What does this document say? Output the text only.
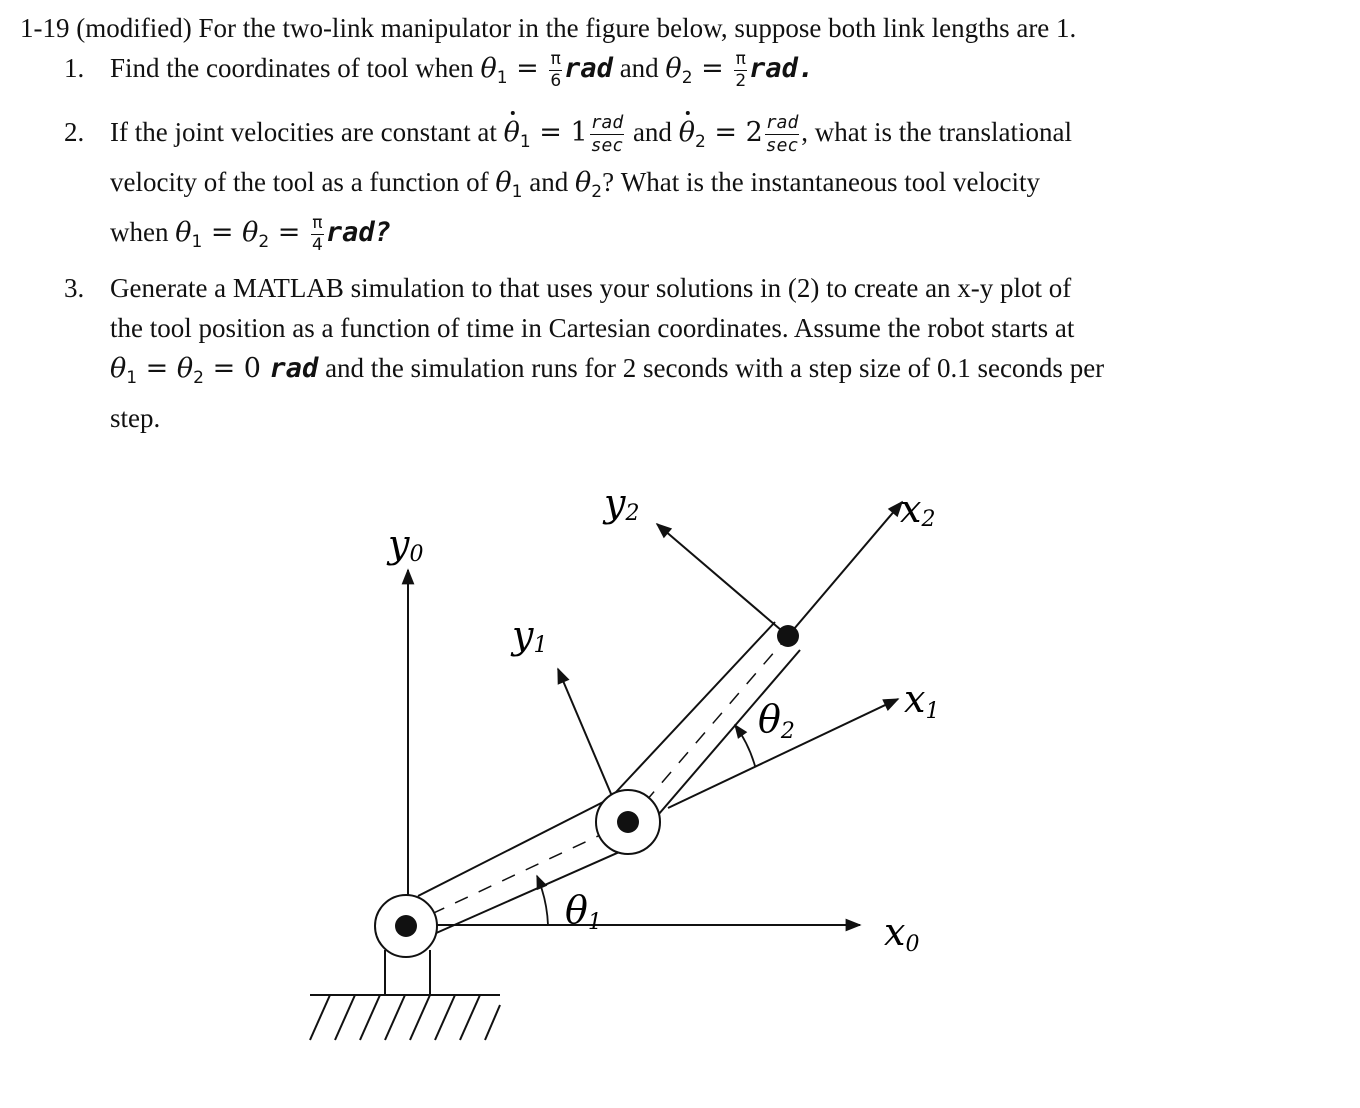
1-19 (modified) For the two-link manipulator in the figure below, suppose both link lengths are 1.

1. Find the coordinates of tool when $\theta_1 = \frac{\pi}{6}$ rad and $\theta_2 = \frac{\pi}{2}$ rad.

2. If the joint velocities are constant at $\theta_1 = 1 \frac{\text{rad}}{\sec}$ and $\theta_2 = 2 \frac{\text{rad}}{\sec}$ , what is the translational
velocity of the tool as a function of $\theta_1$ and $\theta_2$? What is the instantaneous tool velocity
when $\theta_1 = \theta_2 = \frac{\pi}{4}$ rad?

3. Generate a MATLAB simulation to that uses your solutions in (2) to create an x-y plot of
the tool position as a function of time in Cartesian coordinates. Assume the robot starts at
$\theta_1 = \theta_2 = 0$ rad and the simulation runs for 2 seconds with a step size of 0.1 seconds per
step.

x0
y0
x1
y1
x2
y2
θ1
θ2
